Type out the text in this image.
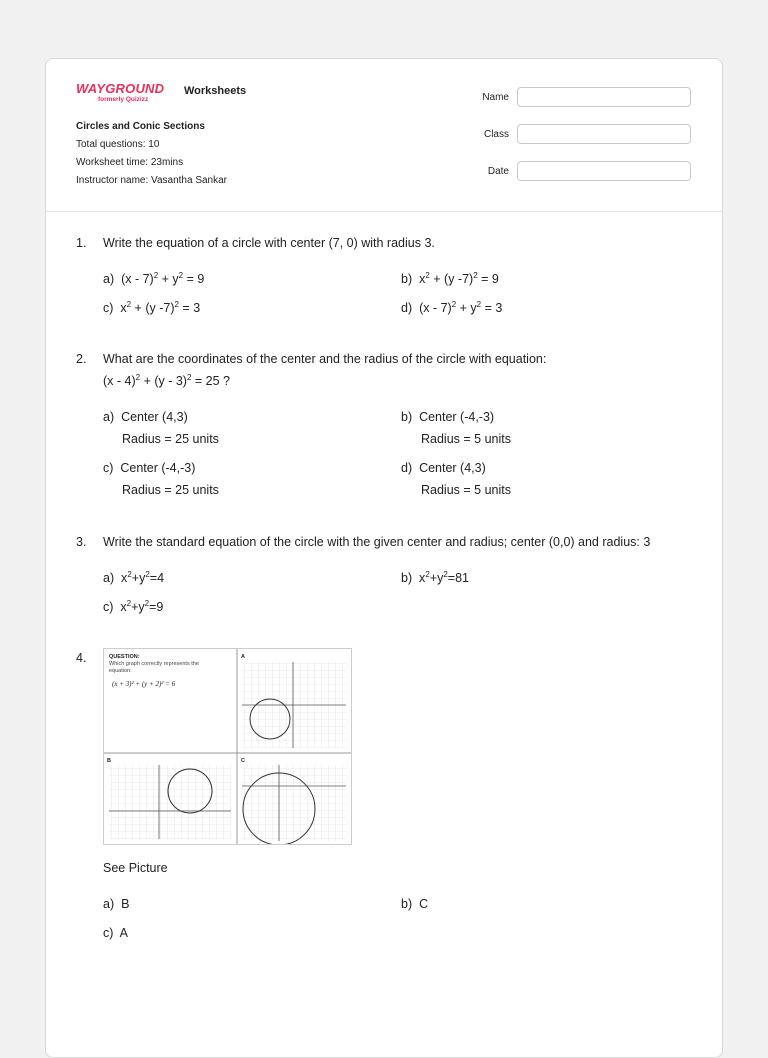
WAYGROUND
formerly Quizizz
Worksheets
Circles and Conic Sections
Total questions: 10
Worksheet time: 23mins
Instructor name: Vasantha Sankar
Name
Class
Date
1. Write the equation of a circle with center (7, 0) with radius 3.
a)  $(x - 7)^2 + y^2 = 9$	b)  $x^2 + (y$ -7)$^2$ = 9
c)  $x^2 + (y$ -7)$^2$ = 3	d)  $(x - 7)^2 + y^2 = 3$
2. What are the coordinates of the center and the radius of the circle with equation:
(x - 4)$^2$ + (y - 3)$^2$ = 25 ?
a)  Center (4,3)
Radius = 25 units
b)  Center (-4,-3)
Radius = 5 units
c)  Center (-4,-3)
Radius = 25 units
d)  Center (4,3)
Radius = 5 units
3. Write the standard equation of the circle with the given center and radius; center (0,0) and radius: 3
a)  $x^2+y^2=4$	b)  $x^2+y^2=81$
c)  $x^2+y^2=9$
4.	QUESTION:
Which graph correctly represents the
equation:
(x + 3)² + (y + 2)² = 6
A
B	C
See Picture
a)  B	b)  C
c)  A
